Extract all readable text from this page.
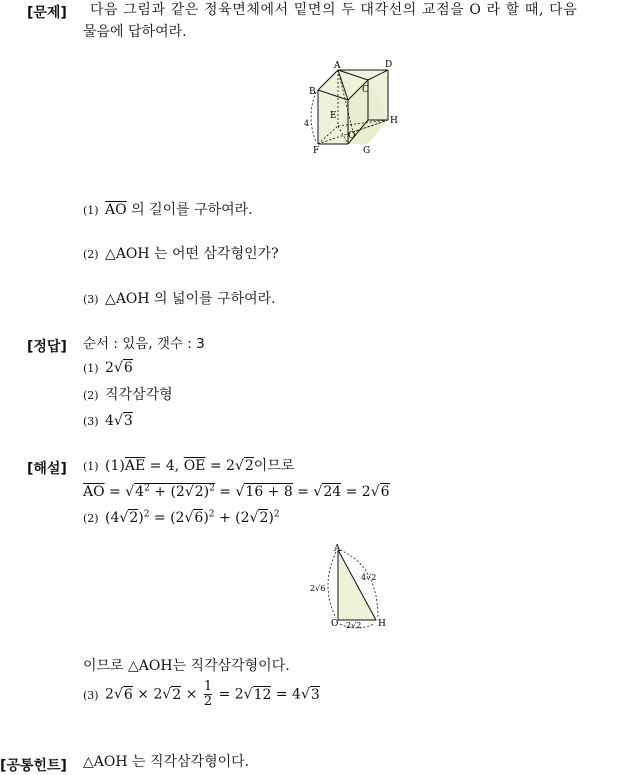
[문제] 다음 그림과 같은 정육면체에서 밑면의 두 대각선의 교점을 O 라 할 때, 다음
물음에 답하여라.
A	D
B	C
E	H
O
4
F	G
(1) $\overline{AO}$ 의 길이를 구하여라.
(2) △AOH 는 어떤 삼각형인가?
(3) △AOH 의 넓이를 구하여라.
[정답] 순서 : 있음, 갯수 : 3
(1) 2√6
(2) 직각삼각형
(3) 4√3
[해설] (1) $(1)\overline{AE} = 4$, $\overline{OE} = 2√2$이므로
$\overline{AO} = √4^2 + (2√2)^2 = √16 + 8 = √24 = 2√6$
(2) $(4√2)^2 = (2√6)^2 + (2√2)^2$
A
O	H
2√6
4√2
2√2
이므로 △AOH는 직각삼각형이다.
(3) $2√6 \times 2√2 \times \frac{1}{2} = 2√12 = 4√3$
[공통힌트] △AOH 는 직각삼각형이다.
